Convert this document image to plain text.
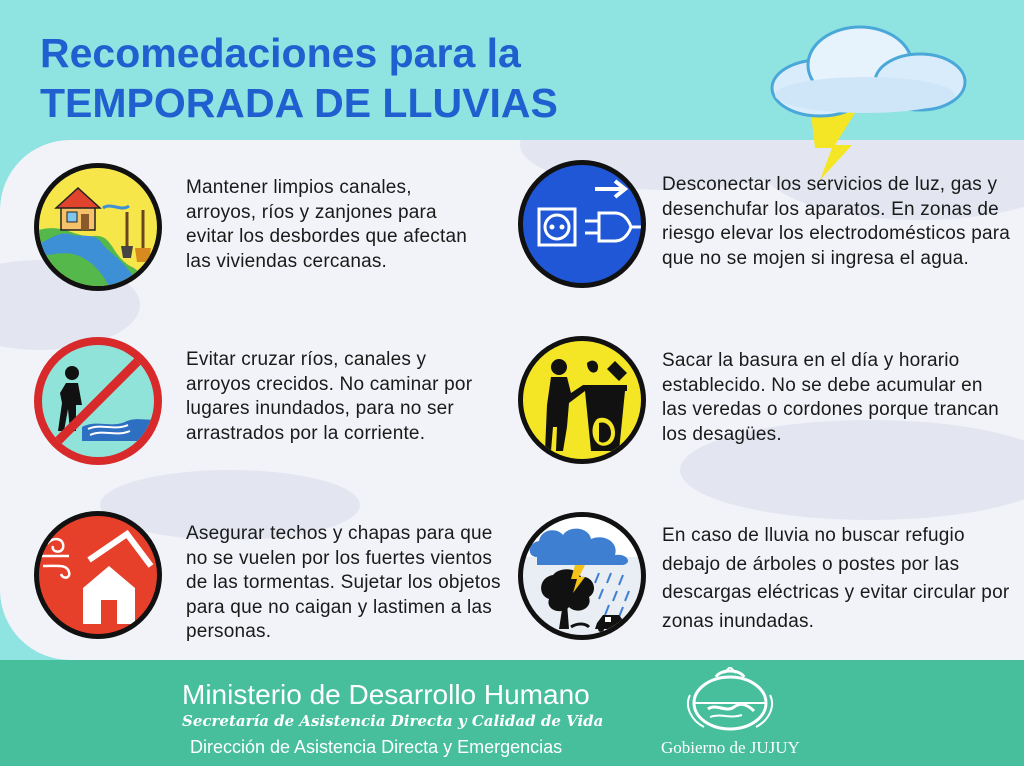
Recomedaciones para la
TEMPORADA DE LLUVIAS

Mantener limpios canales, arroyos, ríos y zanjones para evitar los desbordes que afectan las viviendas cercanas.

Desconectar los servicios de luz, gas y desenchufar los aparatos. En zonas de riesgo elevar los electrodomésticos para que no se mojen si ingresa el agua.

Evitar cruzar ríos, canales y arroyos crecidos. No caminar por lugares inundados, para no ser arrastrados por la corriente.

Sacar la basura en el día y horario establecido. No se debe acumular en las veredas o cordones porque trancan los desagües.

Asegurar techos y chapas para que no se vuelen por los fuertes vientos de las tormentas. Sujetar los objetos para que no caigan y lastimen a las personas.

En caso de lluvia no buscar refugio debajo de árboles o postes por las descargas eléctricas y evitar circular por zonas inundadas.

Ministerio de Desarrollo Humano

Secretaría de Asistencia Directa y Calidad de Vida

Dirección de Asistencia Directa y Emergencias	Gobierno de JUJUY
